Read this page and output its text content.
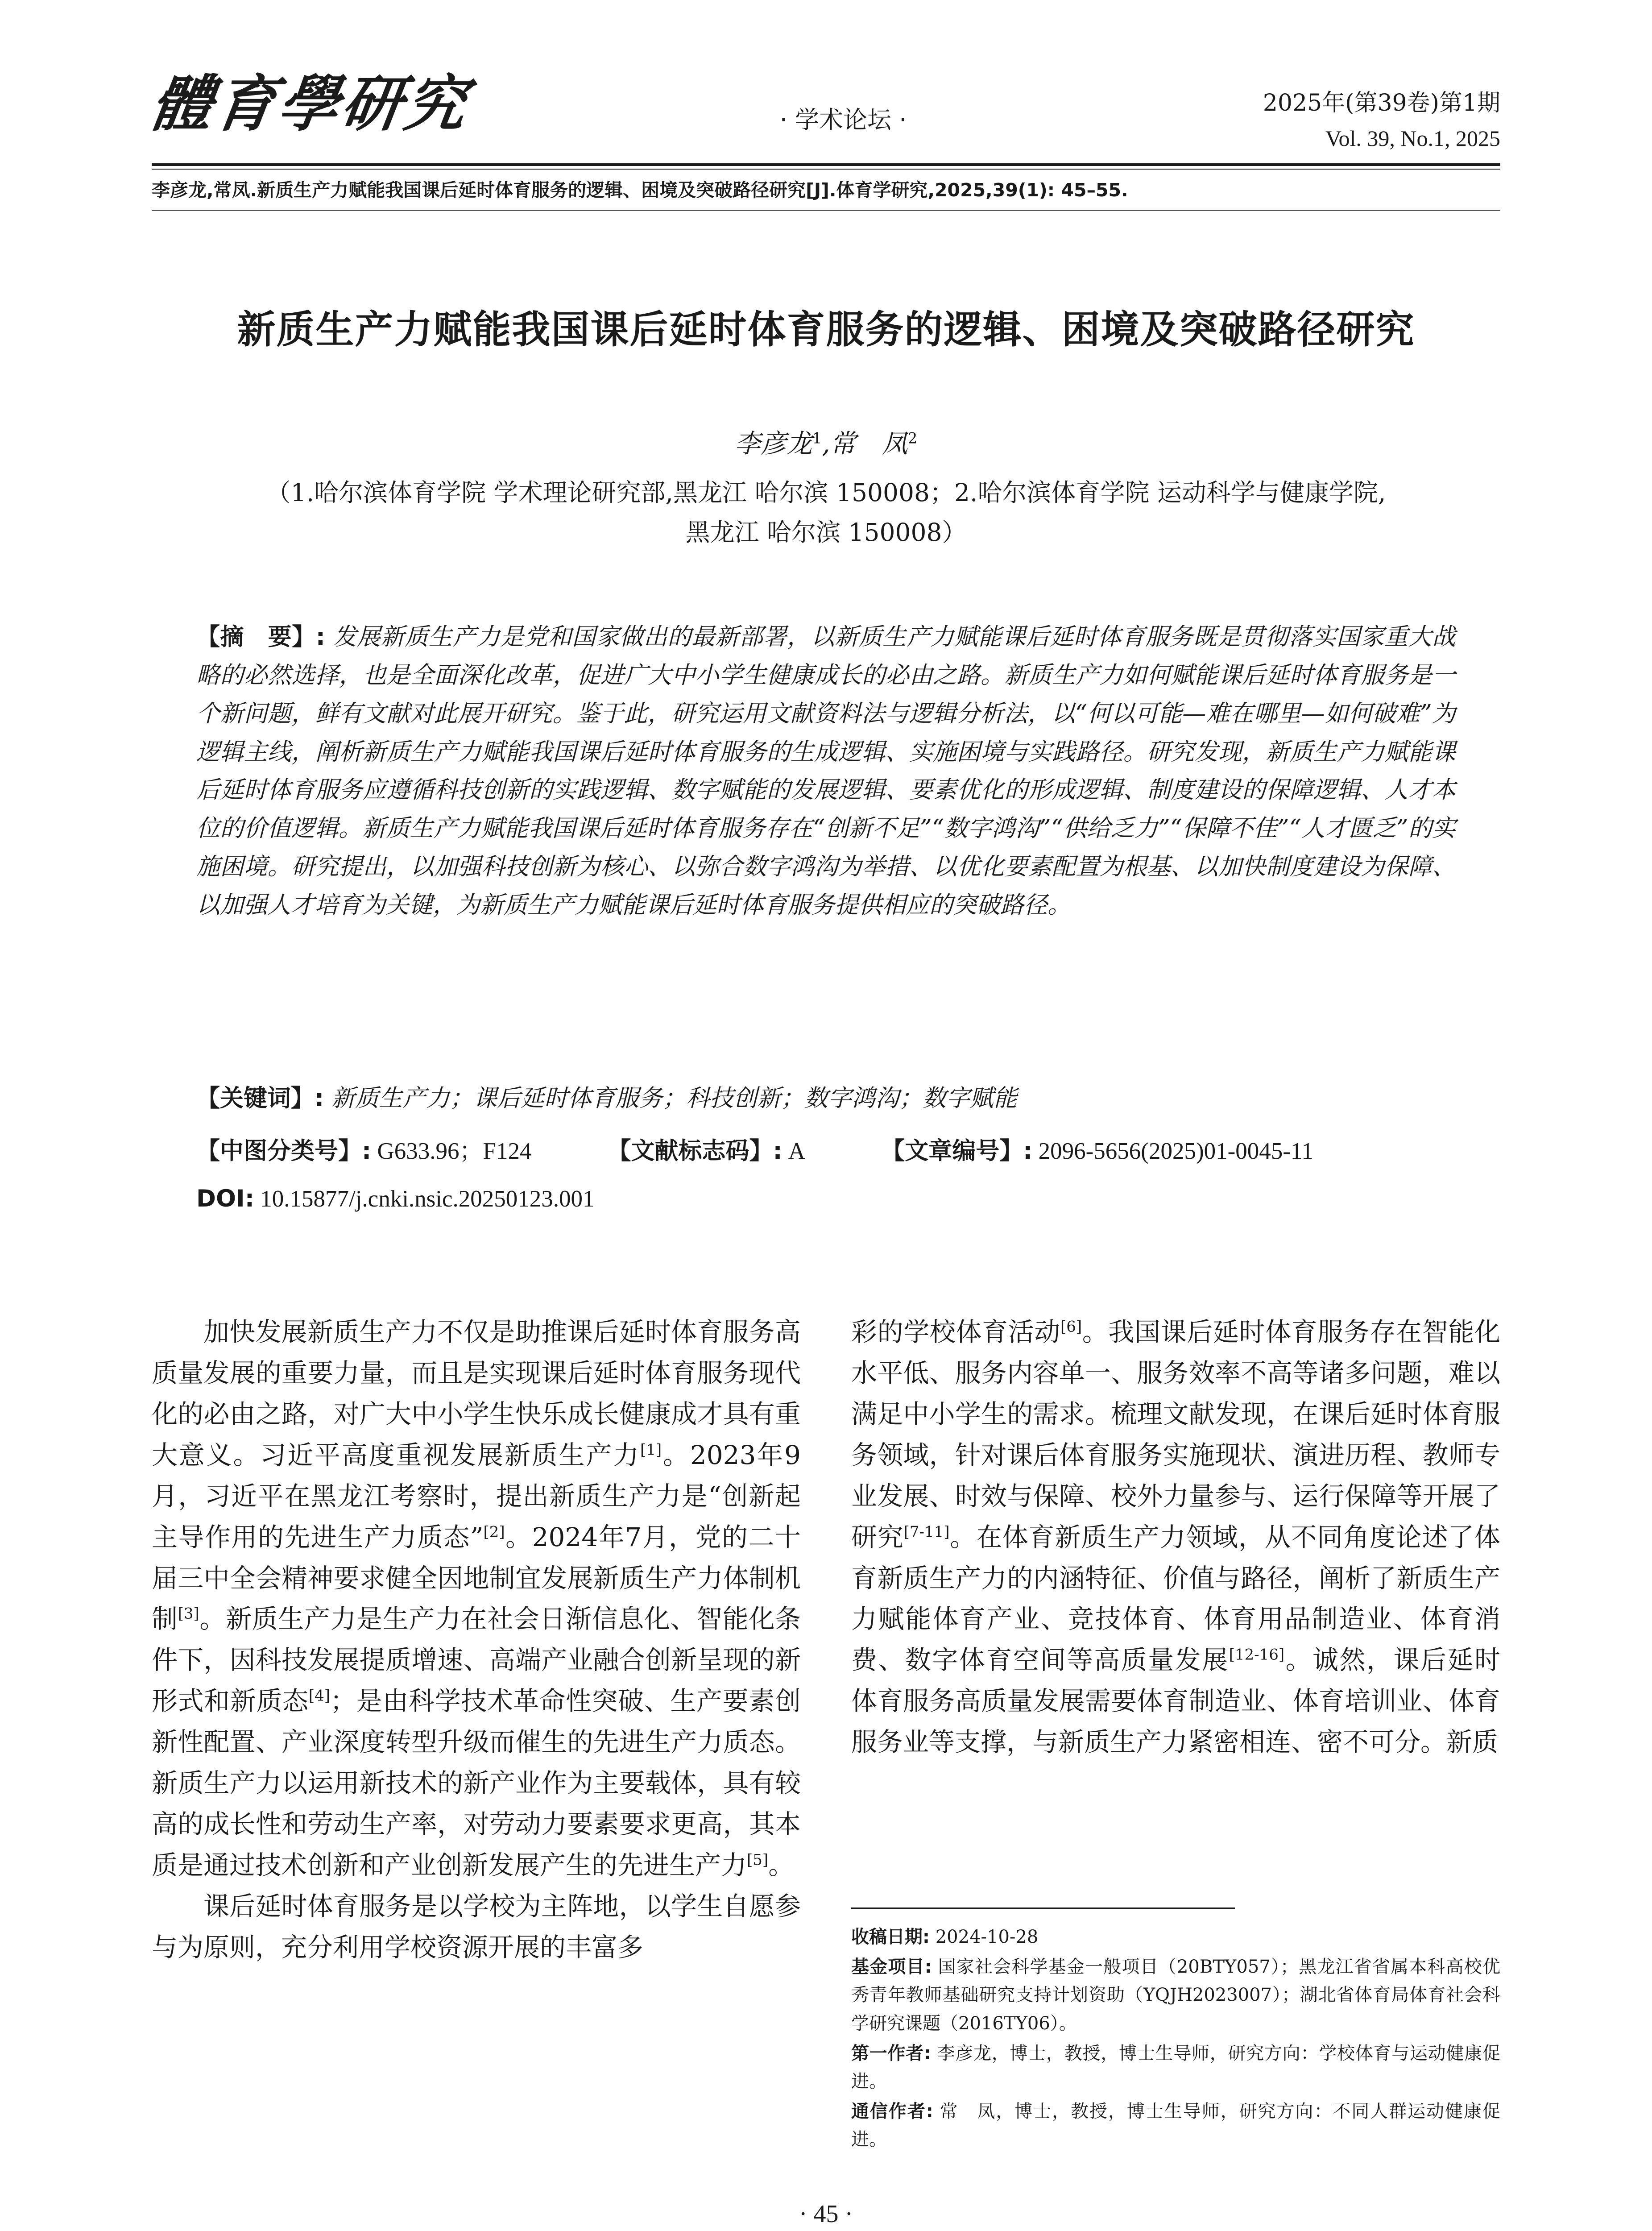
體育學研究	· 学术论坛 ·
2025年(第39卷)第1期
Vol. 39, No.1, 2025
李彦龙,常凤.新质生产力赋能我国课后延时体育服务的逻辑、困境及突破路径研究[J].体育学研究,2025,39(1): 45–55.
新质生产力赋能我国课后延时体育服务的逻辑、困境及突破路径研究
李彦龙$^1$,常　凤$^2$
（1.哈尔滨体育学院 学术理论研究部,黑龙江 哈尔滨 150008；2.哈尔滨体育学院 运动科学与健康学院,
黑龙江 哈尔滨 150008）
【摘　要】: 发展新质生产力是党和国家做出的最新部署，以新质生产力赋能课后延时体育服务既是贯彻落实国家重大战略的必然选择，也是全面深化改革，促进广大中小学生健康成长的必由之路。新质生产力如何赋能课后延时体育服务是一个新问题，鲜有文献对此展开研究。鉴于此，研究运用文献资料法与逻辑分析法，以“何以可能—难在哪里—如何破难”为逻辑主线，阐析新质生产力赋能我国课后延时体育服务的生成逻辑、实施困境与实践路径。研究发现，新质生产力赋能课后延时体育服务应遵循科技创新的实践逻辑、数字赋能的发展逻辑、要素优化的形成逻辑、制度建设的保障逻辑、人才本位的价值逻辑。新质生产力赋能我国课后延时体育服务存在“创新不足”“数字鸿沟”“供给乏力”“保障不佳”“人才匮乏”的实施困境。研究提出，以加强科技创新为核心、以弥合数字鸿沟为举措、以优化要素配置为根基、以加快制度建设为保障、以加强人才培育为关键，为新质生产力赋能课后延时体育服务提供相应的突破路径。
【关键词】: 新质生产力；课后延时体育服务；科技创新；数字鸿沟；数字赋能
【中图分类号】: G633.96；F124	【文献标志码】: A	【文章编号】: 2096-5656(2025)01-0045-11
DOI: 10.15877/j.cnki.nsic.20250123.001

加快发展新质生产力不仅是助推课后延时体育服务高质量发展的重要力量，而且是实现课后延时体育服务现代化的必由之路，对广大中小学生快乐成长健康成才具有重大意义。习近平高度重视发展新质生产力[1]。2023年9月，习近平在黑龙江考察时，提出新质生产力是“创新起主导作用的先进生产力质态”[2]。2024年7月，党的二十届三中全会精神要求健全因地制宜发展新质生产力体制机制[3]。新质生产力是生产力在社会日渐信息化、智能化条件下，因科技发展提质增速、高端产业融合创新呈现的新形式和新质态[4]；是由科学技术革命性突破、生产要素创新性配置、产业深度转型升级而催生的先进生产力质态。新质生产力以运用新技术的新产业作为主要载体，具有较高的成长性和劳动生产率，对劳动力要素要求更高，其本质是通过技术创新和产业创新发展产生的先进生产力[5]。

课后延时体育服务是以学校为主阵地，以学生自愿参与为原则，充分利用学校资源开展的丰富多

彩的学校体育活动[6]。我国课后延时体育服务存在智能化水平低、服务内容单一、服务效率不高等诸多问题，难以满足中小学生的需求。梳理文献发现，在课后延时体育服务领域，针对课后体育服务实施现状、演进历程、教师专业发展、时效与保障、校外力量参与、运行保障等开展了研究[7-11]。在体育新质生产力领域，从不同角度论述了体育新质生产力的内涵特征、价值与路径，阐析了新质生产力赋能体育产业、竞技体育、体育用品制造业、体育消费、数字体育空间等高质量发展[12-16]。诚然，课后延时体育服务高质量发展需要体育制造业、体育培训业、体育服务业等支撑，与新质生产力紧密相连、密不可分。新质

收稿日期: 2024-10-28

基金项目: 国家社会科学基金一般项目（20BTY057）；黑龙江省省属本科高校优秀青年教师基础研究支持计划资助（YQJH2023007）；湖北省体育局体育社会科学研究课题（2016TY06）。

第一作者: 李彦龙，博士，教授，博士生导师，研究方向：学校体育与运动健康促进。

通信作者: 常　凤，博士，教授，博士生导师，研究方向：不同人群运动健康促进。

· 45 ·
